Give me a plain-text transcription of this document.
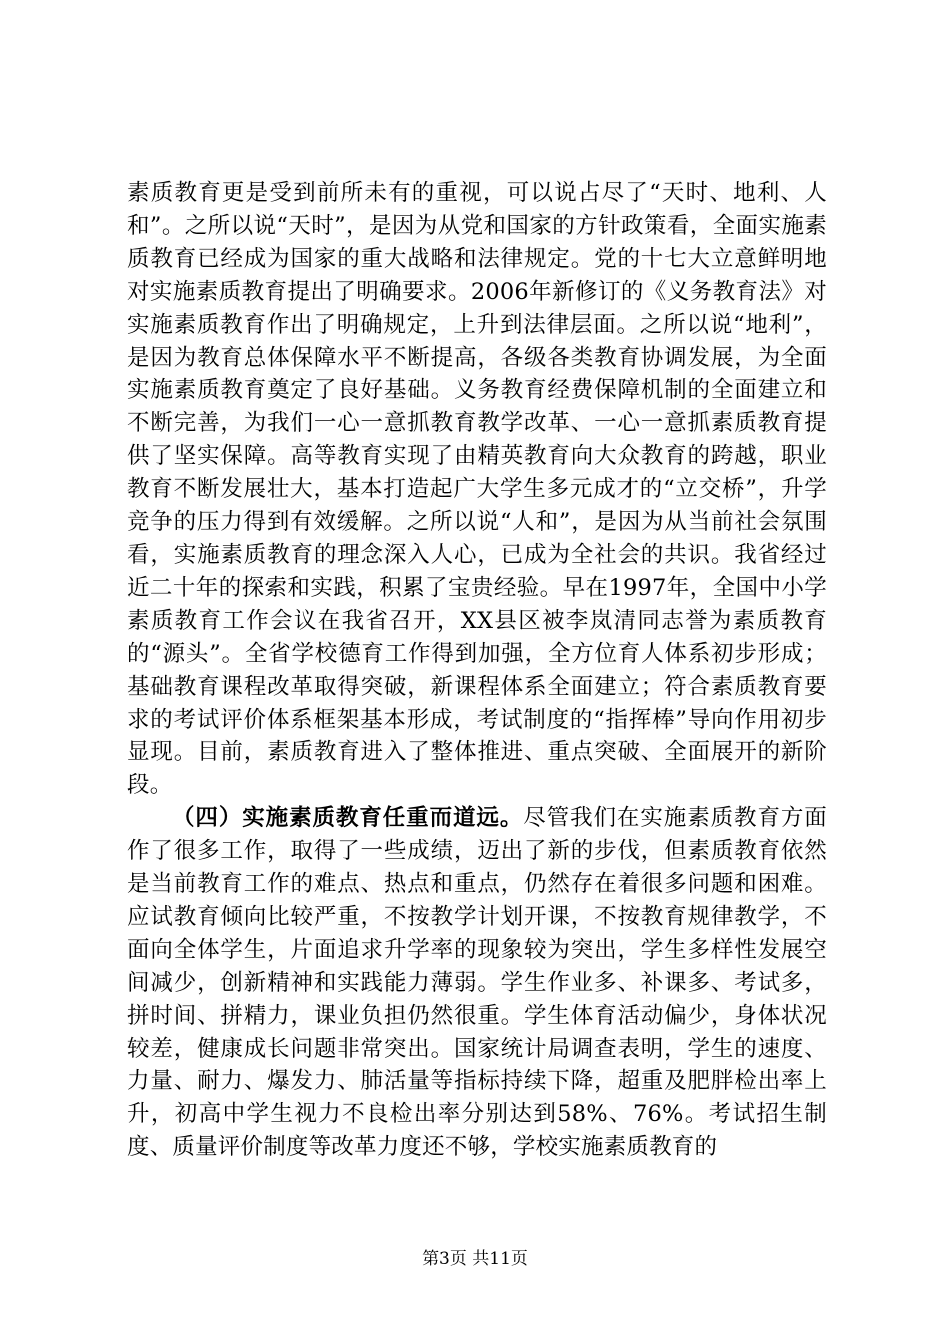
素质教育更是受到前所未有的重视，可以说占尽了“天时、地利、人和”。之所以说“天时”，是因为从党和国家的方针政策看，全面实施素质教育已经成为国家的重大战略和法律规定。党的十七大立意鲜明地对实施素质教育提出了明确要求。2006年新修订的《义务教育法》对实施素质教育作出了明确规定，上升到法律层面。之所以说“地利”，是因为教育总体保障水平不断提高，各级各类教育协调发展，为全面实施素质教育奠定了良好基础。义务教育经费保障机制的全面建立和不断完善，为我们一心一意抓教育教学改革、一心一意抓素质教育提供了坚实保障。高等教育实现了由精英教育向大众教育的跨越，职业教育不断发展壮大，基本打造起广大学生多元成才的“立交桥”，升学竞争的压力得到有效缓解。之所以说“人和”，是因为从当前社会氛围看，实施素质教育的理念深入人心，已成为全社会的共识。我省经过近二十年的探索和实践，积累了宝贵经验。早在1997年，全国中小学素质教育工作会议在我省召开，XX县区被李岚清同志誉为素质教育的“源头”。全省学校德育工作得到加强，全方位育人体系初步形成；基础教育课程改革取得突破，新课程体系全面建立；符合素质教育要求的考试评价体系框架基本形成，考试制度的“指挥棒”导向作用初步显现。目前，素质教育进入了整体推进、重点突破、全面展开的新阶段。

（四）实施素质教育任重而道远。尽管我们在实施素质教育方面作了很多工作，取得了一些成绩，迈出了新的步伐，但素质教育依然是当前教育工作的难点、热点和重点，仍然存在着很多问题和困难。应试教育倾向比较严重，不按教学计划开课，不按教育规律教学，不面向全体学生，片面追求升学率的现象较为突出，学生多样性发展空间减少，创新精神和实践能力薄弱。学生作业多、补课多、考试多，拼时间、拼精力，课业负担仍然很重。学生体育活动偏少，身体状况较差，健康成长问题非常突出。国家统计局调查表明，学生的速度、力量、耐力、爆发力、肺活量等指标持续下降，超重及肥胖检出率上升，初高中学生视力不良检出率分别达到58%、76%。考试招生制度、质量评价制度等改革力度还不够，学校实施素质教育的

第3页 共11页
